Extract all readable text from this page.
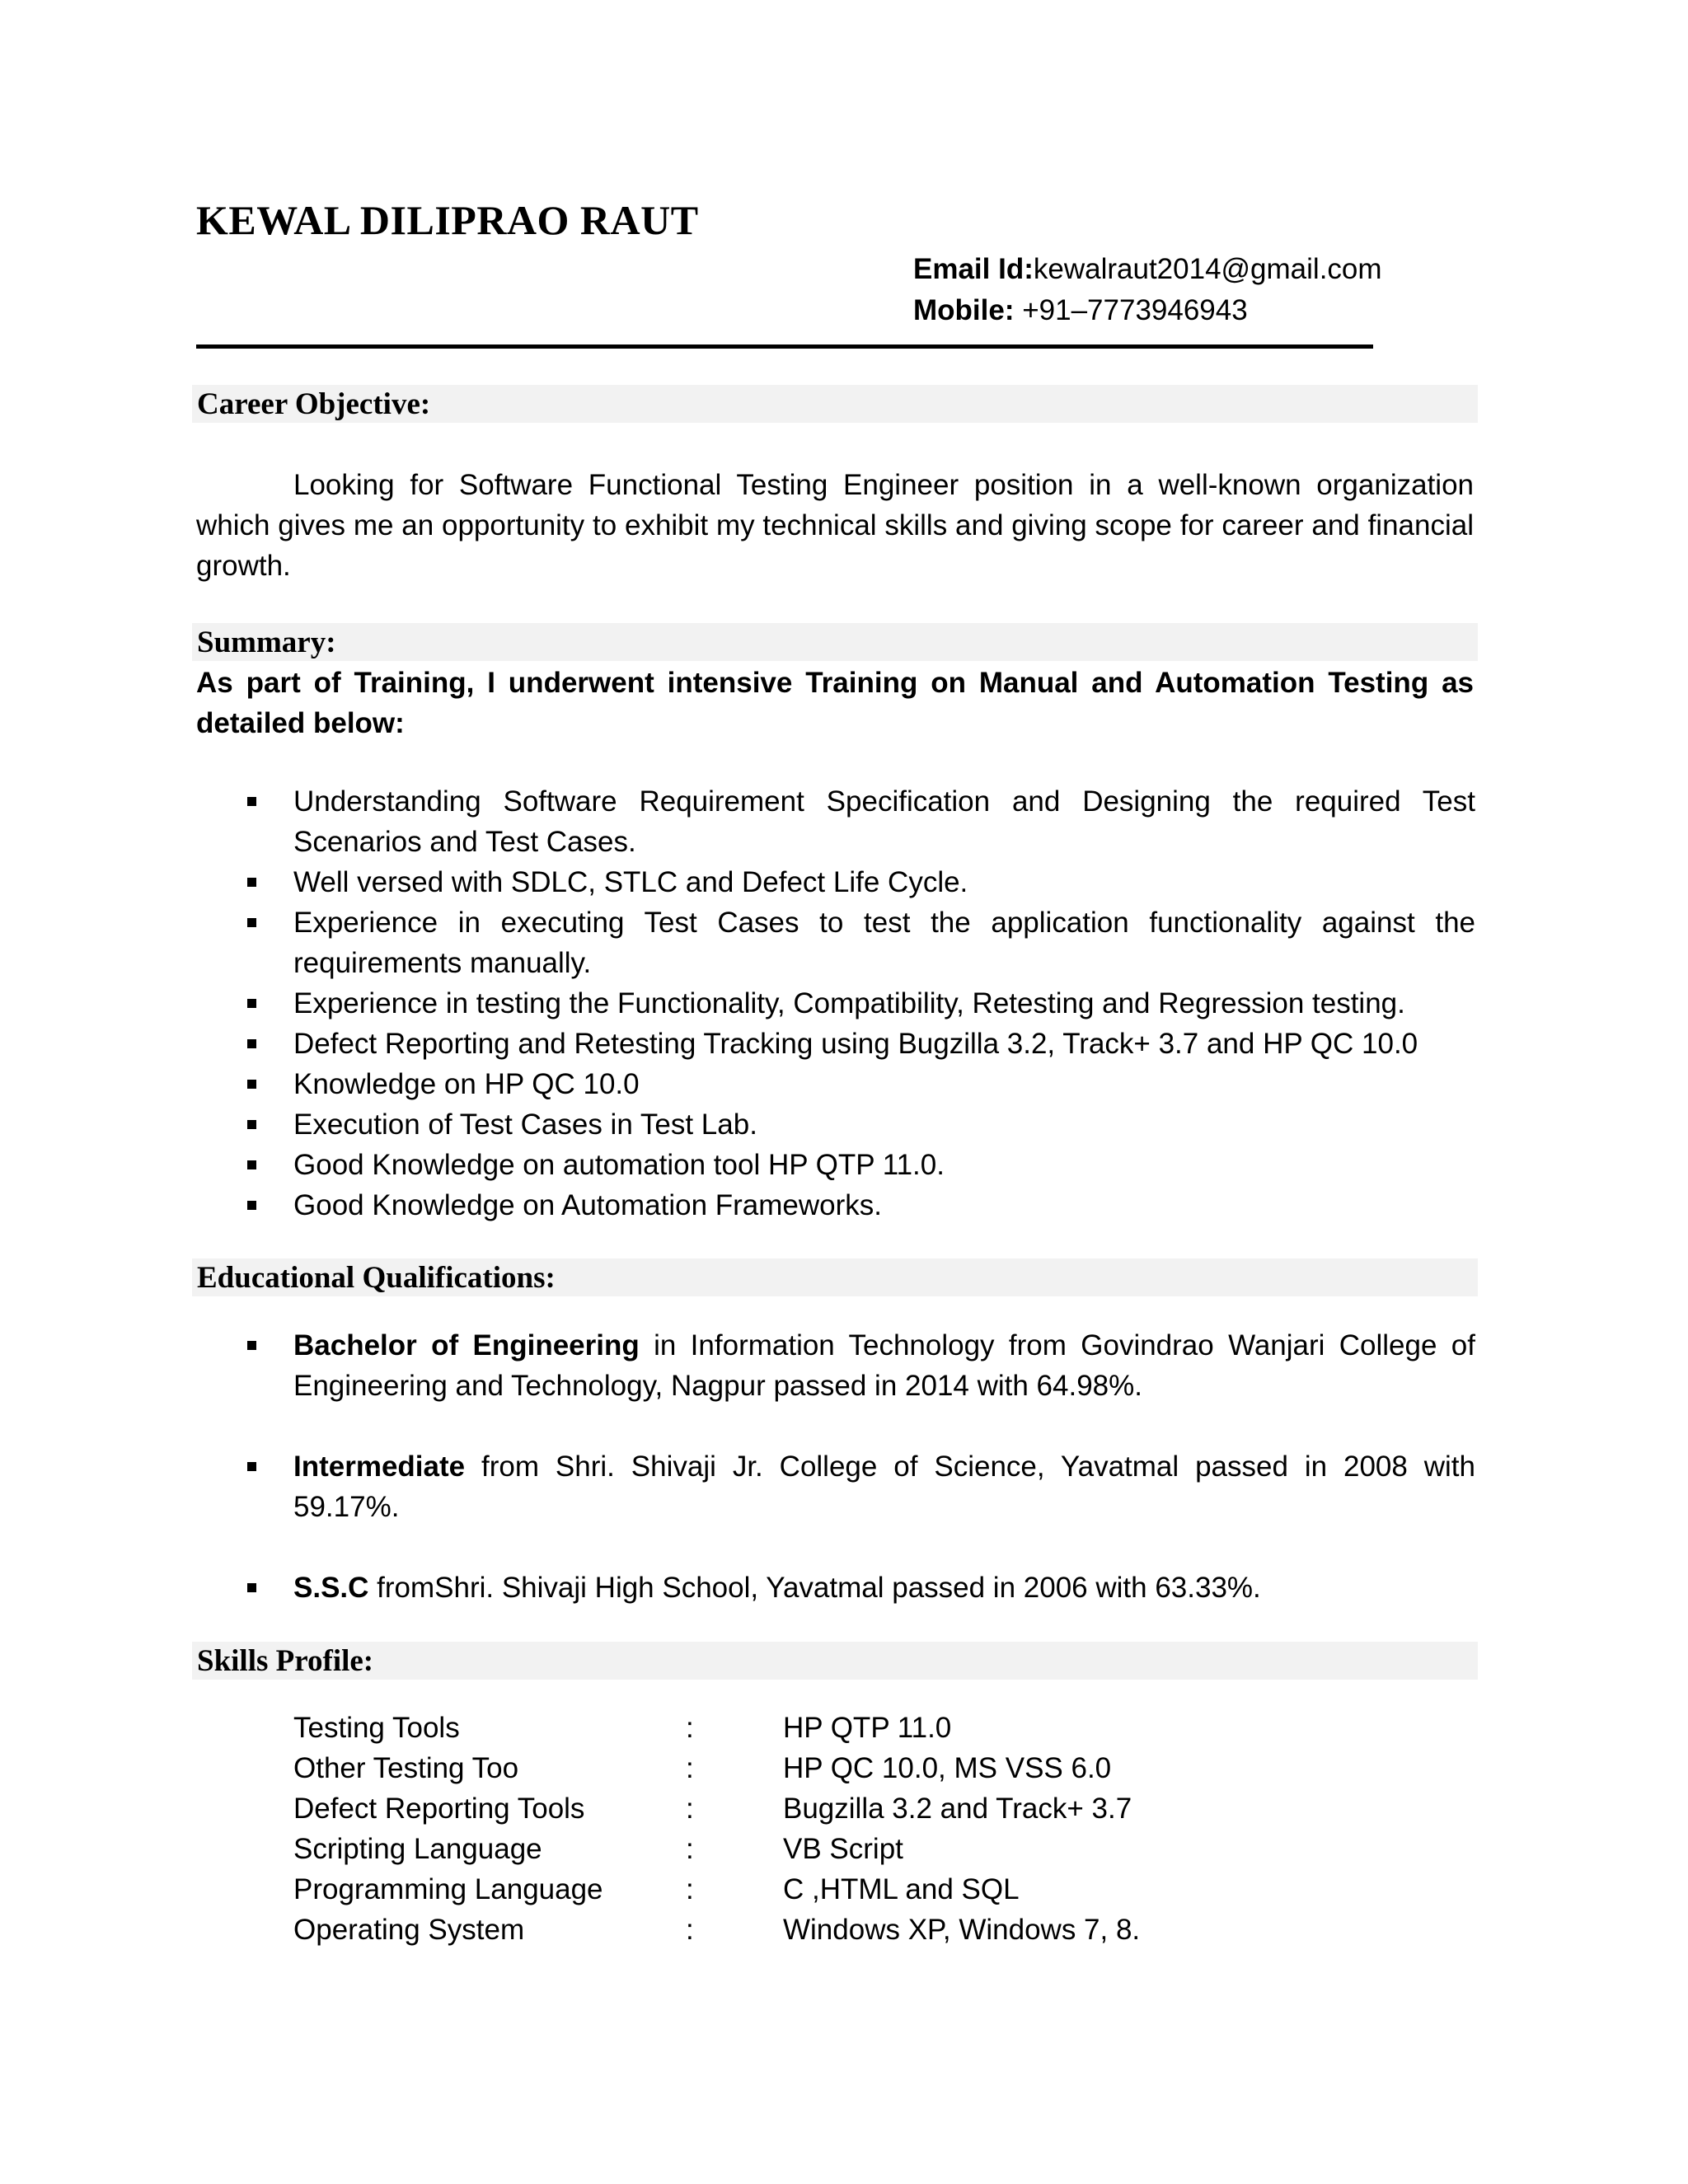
KEWAL DILIPRAO RAUT
Email Id:kewalraut2014@gmail.com
Mobile: +91–7773946943
Career Objective:

Looking for Software Functional Testing Engineer position in a well-known organization which gives me an opportunity to exhibit my technical skills and giving scope for career and financial growth.

Summary:

As part of Training, I underwent intensive Training on Manual and Automation Testing as detailed below:

Understanding Software Requirement Specification and Designing the required Test Scenarios and Test Cases.
Well versed with SDLC, STLC and Defect Life Cycle.
Experience in executing Test Cases to test the application functionality against the requirements manually.
Experience in testing the Functionality, Compatibility, Retesting and Regression testing.
Defect Reporting and Retesting Tracking using Bugzilla 3.2, Track+ 3.7 and HP QC 10.0
Knowledge on HP QC 10.0
Execution of Test Cases in Test Lab.
Good Knowledge on automation tool HP QTP 11.0.
Good Knowledge on Automation Frameworks.
Educational Qualifications:
Bachelor of Engineering in Information Technology from Govindrao Wanjari College of Engineering and Technology, Nagpur passed in 2014 with 64.98%.
Intermediate from Shri. Shivaji Jr. College of Science, Yavatmal passed in 2008 with 59.17%.
S.S.C fromShri. Shivaji High School, Yavatmal passed in 2006 with 63.33%.
Skills Profile:
Testing Tools	:	HP QTP 11.0
Other Testing Too	:	HP QC 10.0, MS VSS 6.0
Defect Reporting Tools	:	Bugzilla 3.2 and Track+ 3.7
Scripting Language	:	VB Script
Programming Language	:	C ,HTML and SQL
Operating System	:	Windows XP, Windows 7, 8.
